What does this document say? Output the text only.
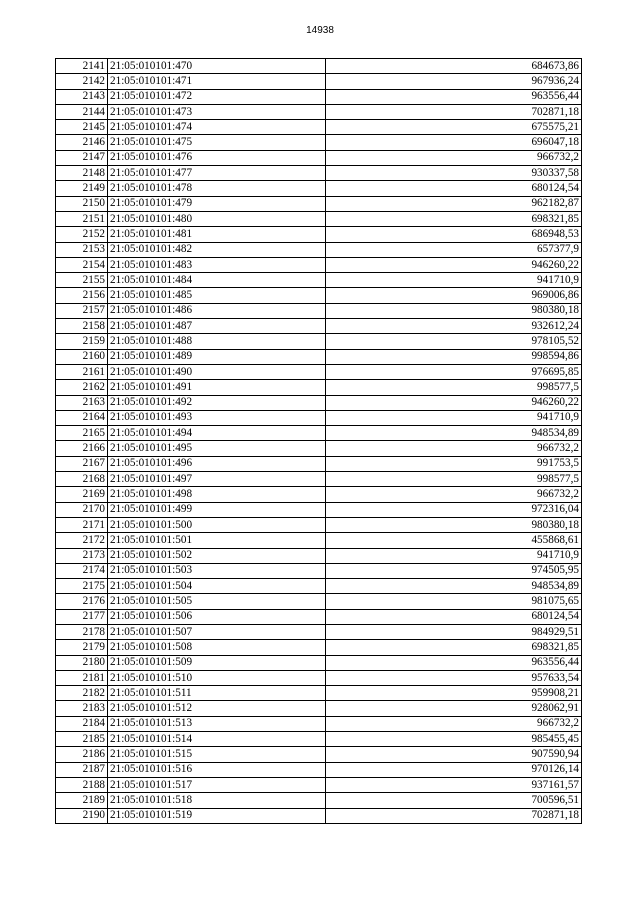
14938
2141	21:05:010101:470	684673,86
2142	21:05:010101:471	967936,24
2143	21:05:010101:472	963556,44
2144	21:05:010101:473	702871,18
2145	21:05:010101:474	675575,21
2146	21:05:010101:475	696047,18
2147	21:05:010101:476	966732,2
2148	21:05:010101:477	930337,58
2149	21:05:010101:478	680124,54
2150	21:05:010101:479	962182,87
2151	21:05:010101:480	698321,85
2152	21:05:010101:481	686948,53
2153	21:05:010101:482	657377,9
2154	21:05:010101:483	946260,22
2155	21:05:010101:484	941710,9
2156	21:05:010101:485	969006,86
2157	21:05:010101:486	980380,18
2158	21:05:010101:487	932612,24
2159	21:05:010101:488	978105,52
2160	21:05:010101:489	998594,86
2161	21:05:010101:490	976695,85
2162	21:05:010101:491	998577,5
2163	21:05:010101:492	946260,22
2164	21:05:010101:493	941710,9
2165	21:05:010101:494	948534,89
2166	21:05:010101:495	966732,2
2167	21:05:010101:496	991753,5
2168	21:05:010101:497	998577,5
2169	21:05:010101:498	966732,2
2170	21:05:010101:499	972316,04
2171	21:05:010101:500	980380,18
2172	21:05:010101:501	455868,61
2173	21:05:010101:502	941710,9
2174	21:05:010101:503	974505,95
2175	21:05:010101:504	948534,89
2176	21:05:010101:505	981075,65
2177	21:05:010101:506	680124,54
2178	21:05:010101:507	984929,51
2179	21:05:010101:508	698321,85
2180	21:05:010101:509	963556,44
2181	21:05:010101:510	957633,54
2182	21:05:010101:511	959908,21
2183	21:05:010101:512	928062,91
2184	21:05:010101:513	966732,2
2185	21:05:010101:514	985455,45
2186	21:05:010101:515	907590,94
2187	21:05:010101:516	970126,14
2188	21:05:010101:517	937161,57
2189	21:05:010101:518	700596,51
2190	21:05:010101:519	702871,18
